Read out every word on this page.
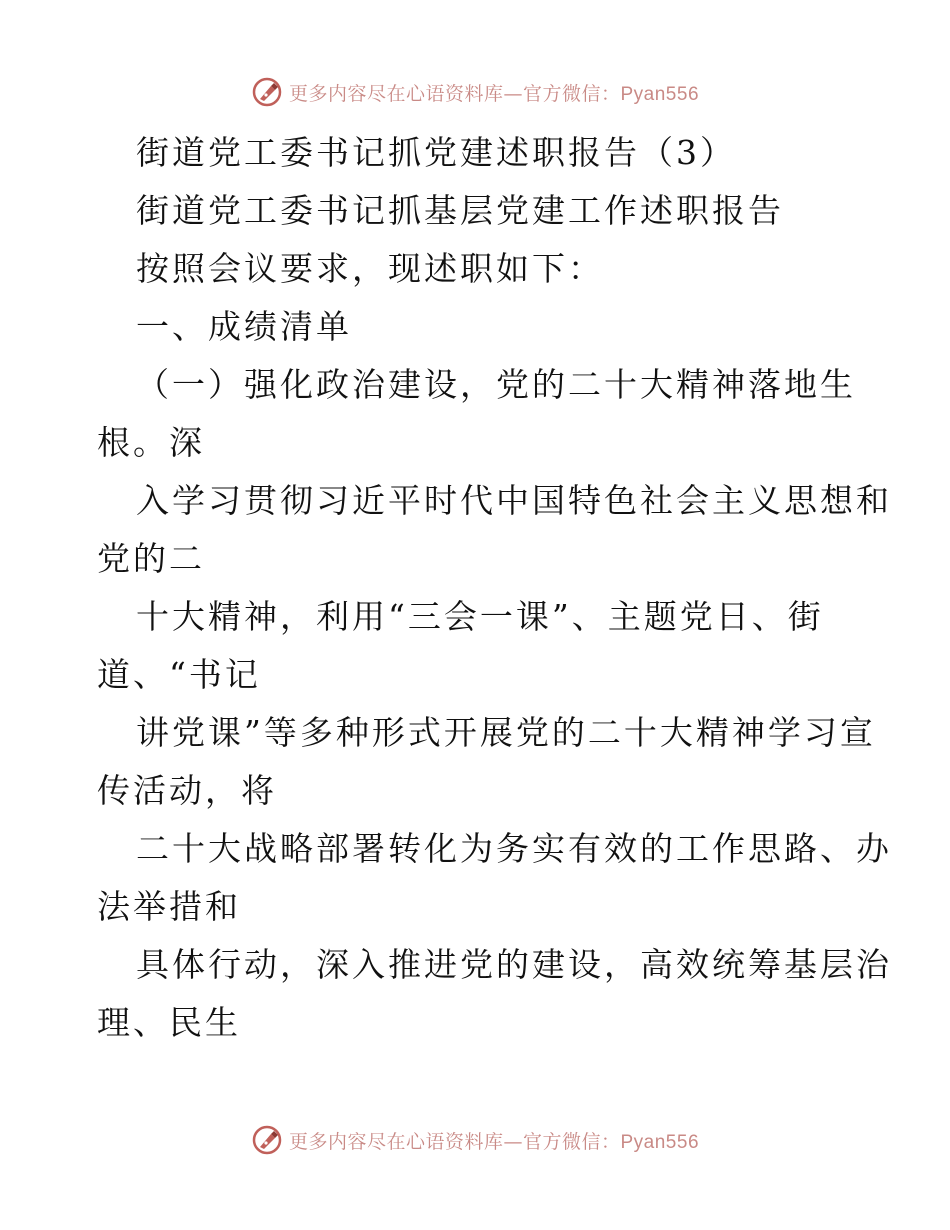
更多内容尽在心语资料库—官方微信：Pyan556
街道党工委书记抓党建述职报告（3）
街道党工委书记抓基层党建工作述职报告
按照会议要求，现述职如下：
一、成绩清单
（一）强化政治建设，党的二十大精神落地生
根。深
入学习贯彻习近平时代中国特色社会主义思想和
党的二
十大精神，利用“三会一课”、主题党日、街
道、“书记
讲党课”等多种形式开展党的二十大精神学习宣
传活动，将
二十大战略部署转化为务实有效的工作思路、办
法举措和
具体行动，深入推进党的建设，高效统筹基层治
理、民生
更多内容尽在心语资料库—官方微信：Pyan556
